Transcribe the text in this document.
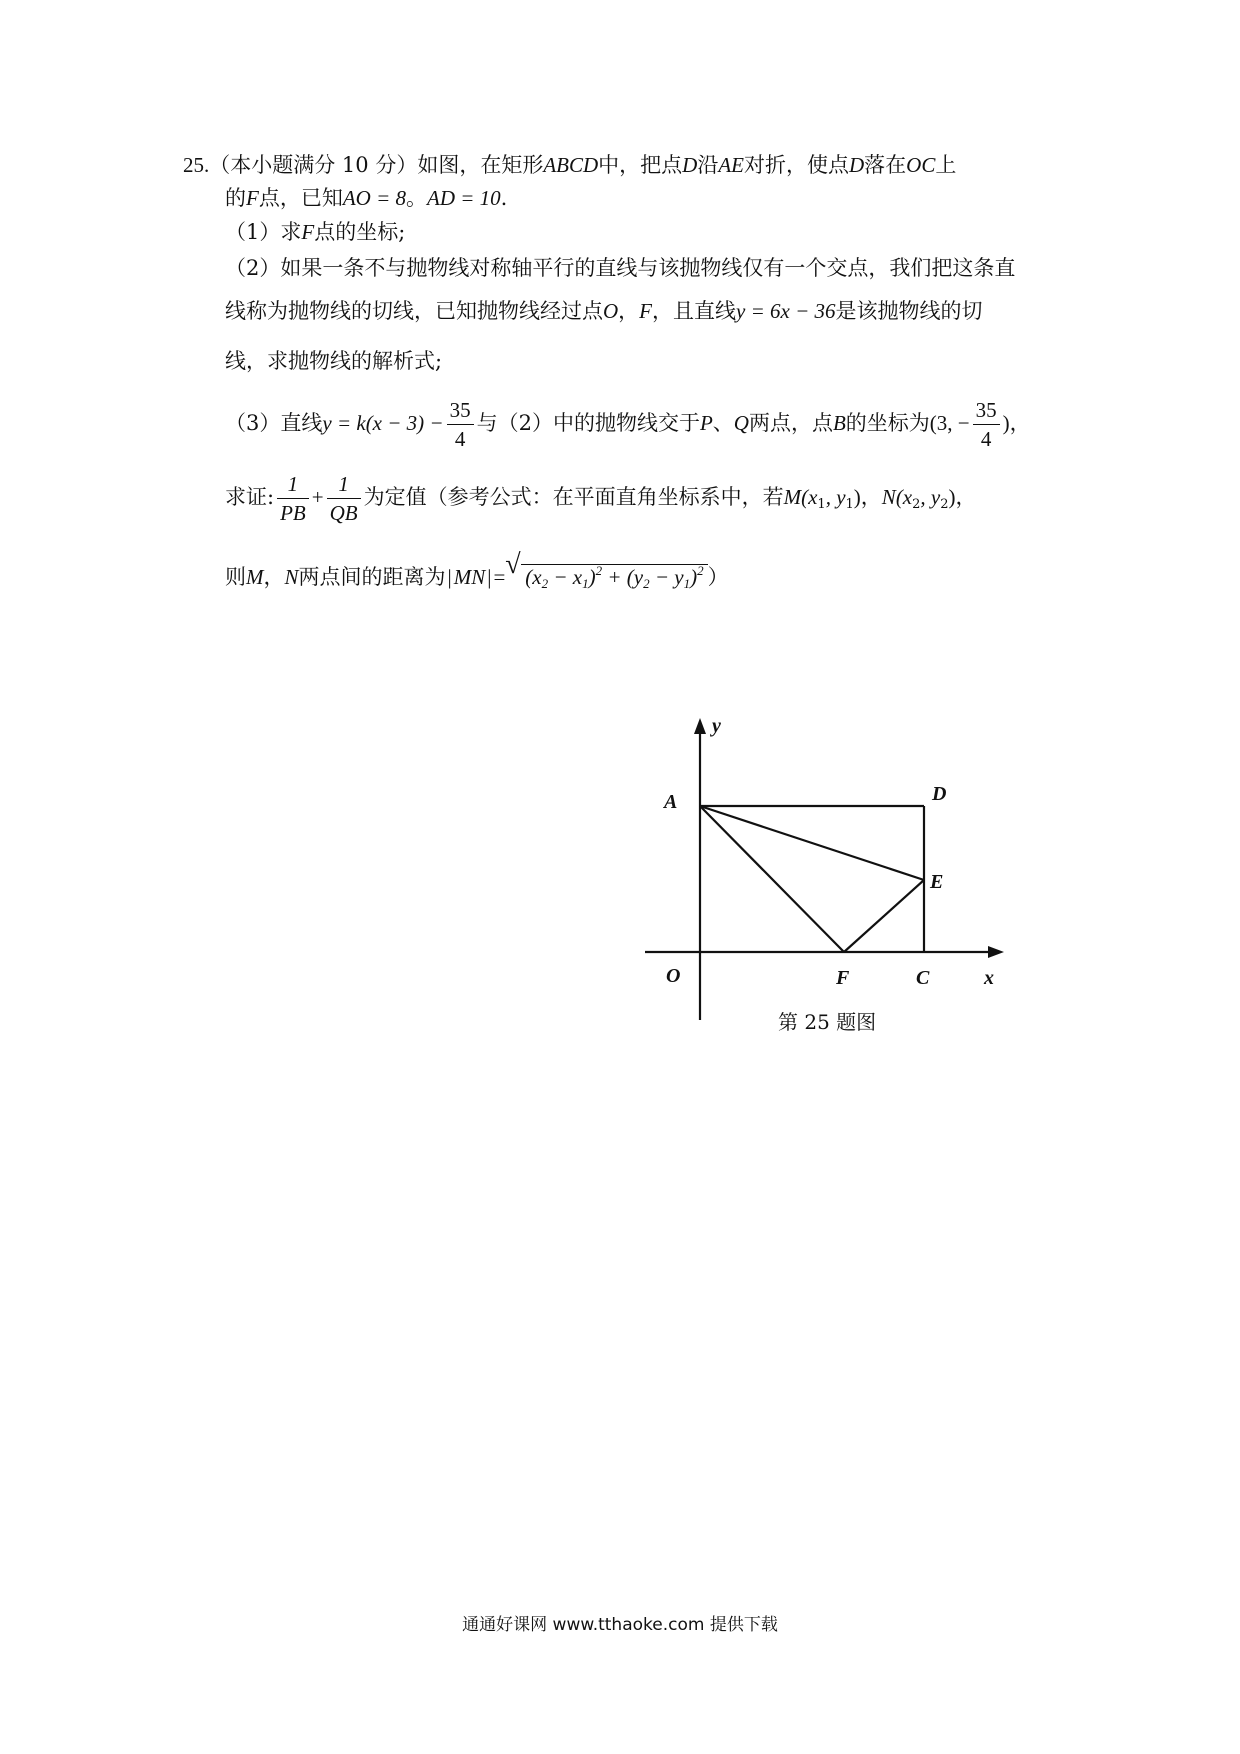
25.（本小题满分 10 分）如图，在矩形ABCD中，把点D沿AE对折，使点D落在OC上
的F点，已知AO = 8。AD = 10.
（1）求F点的坐标;
（2）如果一条不与抛物线对称轴平行的直线与该抛物线仅有一个交点，我们把这条直
线称为抛物线的切线，已知抛物线经过点O，F，且直线y = 6x − 36是该抛物线的切
线，求抛物线的解析式;
（3）直线$y = k(x - 3) - \frac{35}{4}$ 与（2）中的抛物线交于P、Q两点，点B的坐标为(3, − $\frac{35}{4}$ )，
求证: $\frac{1}{PB} + \frac{1}{QB}$ 为定值（参考公式：在平面直角坐标系中，若$M(x_1$, $y_1$)，$N(x_2$, $y_2$)，
则M，N两点间的距离为|MN|= √ $(x_2 - x_1)^2 + (y_2 - y_1)^2$ ）
y
A	D
E
O	F	C	x
第 25 题图
通通好课网 www.tthaoke.com 提供下载
